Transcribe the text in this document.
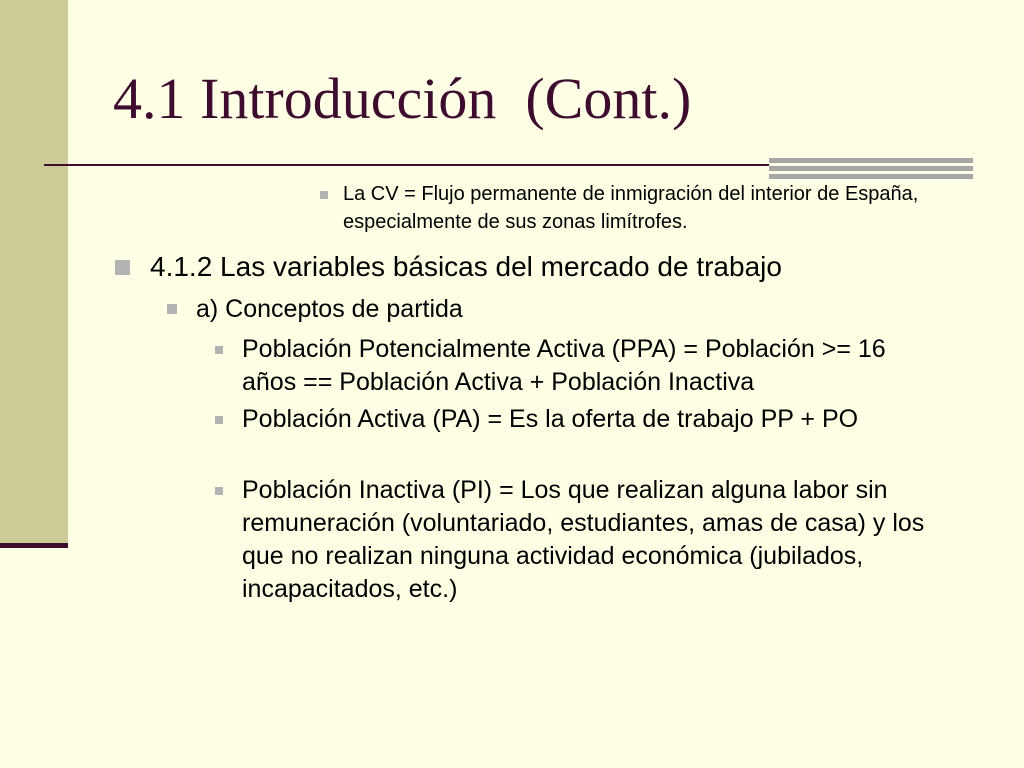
4.1 Introducción  (Cont.)
La CV = Flujo permanente de inmigración del interior de España, especialmente de sus zonas limítrofes.
4.1.2 Las variables básicas del mercado de trabajo
a) Conceptos de partida
Población Potencialmente Activa (PPA) = Población >= 16 años == Población Activa + Población Inactiva
Población Activa (PA) = Es la oferta de trabajo PP + PO
Población Inactiva (PI) = Los que realizan alguna labor sin remuneración (voluntariado, estudiantes, amas de casa) y los que no realizan ninguna actividad económica (jubilados, incapacitados, etc.)
